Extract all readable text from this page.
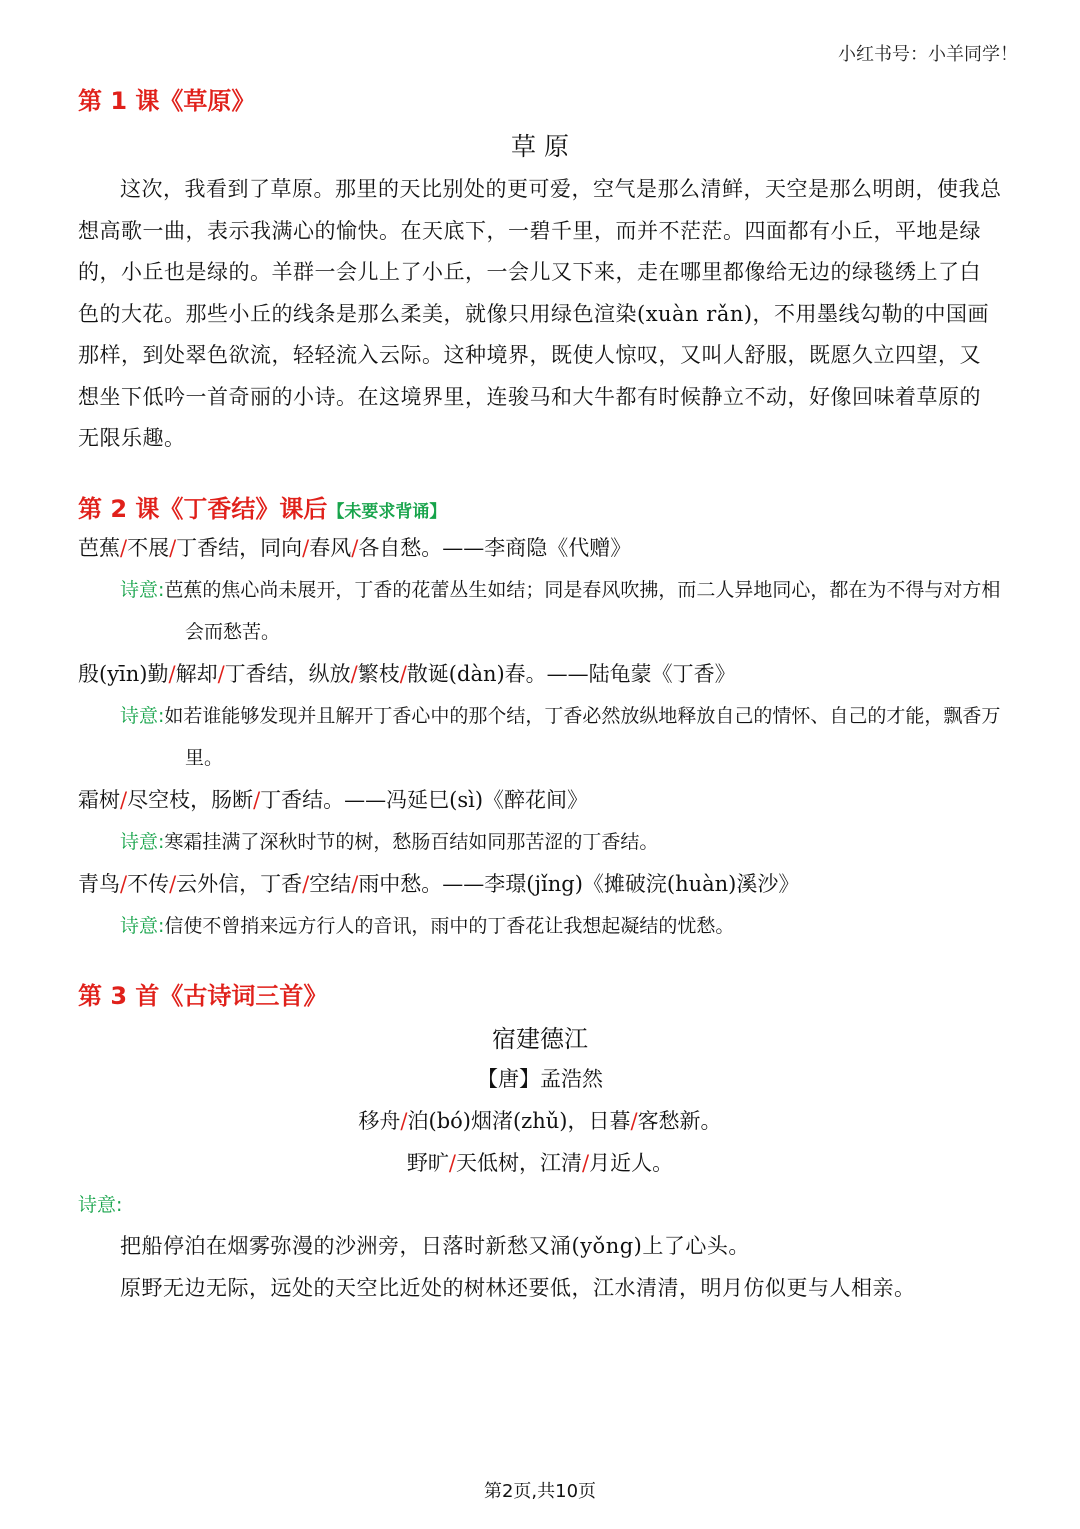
小红书号：小羊同学！

第 1 课《草原》

草 原

这次，我看到了草原。那里的天比别处的更可爱，空气是那么清鲜，天空是那么明朗，使我总想高歌一曲，表示我满心的愉快。在天底下，一碧千里，而并不茫茫。四面都有小丘，平地是绿的，小丘也是绿的。羊群一会儿上了小丘，一会儿又下来，走在哪里都像给无边的绿毯绣上了白色的大花。那些小丘的线条是那么柔美，就像只用绿色渲染(xuàn rǎn)，不用墨线勾勒的中国画那样，到处翠色欲流，轻轻流入云际。这种境界，既使人惊叹，又叫人舒服，既愿久立四望，又想坐下低吟一首奇丽的小诗。在这境界里，连骏马和大牛都有时候静立不动，好像回味着草原的无限乐趣。

第 2 课《丁香结》课后【未要求背诵】

芭蕉/不展/丁香结，同向/春风/各自愁。——李商隐《代赠》

诗意:芭蕉的焦心尚未展开，丁香的花蕾丛生如结；同是春风吹拂，而二人异地同心，都在为不得与对方相会而愁苦。

殷(yīn)勤/解却/丁香结，纵放/繁枝/散诞(dàn)春。——陆龟蒙《丁香》

诗意:如若谁能够发现并且解开丁香心中的那个结，丁香必然放纵地释放自己的情怀、自己的才能，飘香万里。

霜树/尽空枝，肠断/丁香结。——冯延巳(sì)《醉花间》

诗意:寒霜挂满了深秋时节的树，愁肠百结如同那苦涩的丁香结。

青鸟/不传/云外信，丁香/空结/雨中愁。——李璟(jǐng)《摊破浣(huàn)溪沙》

诗意:信使不曾捎来远方行人的音讯，雨中的丁香花让我想起凝结的忧愁。

第 3 首《古诗词三首》

宿建德江

【唐】孟浩然

移舟/泊(bó)烟渚(zhǔ)，日暮/客愁新。

野旷/天低树，江清/月近人。

诗意:

把船停泊在烟雾弥漫的沙洲旁，日落时新愁又涌(yǒng)上了心头。

原野无边无际，远处的天空比近处的树林还要低，江水清清，明月仿似更与人相亲。

第2页,共10页
